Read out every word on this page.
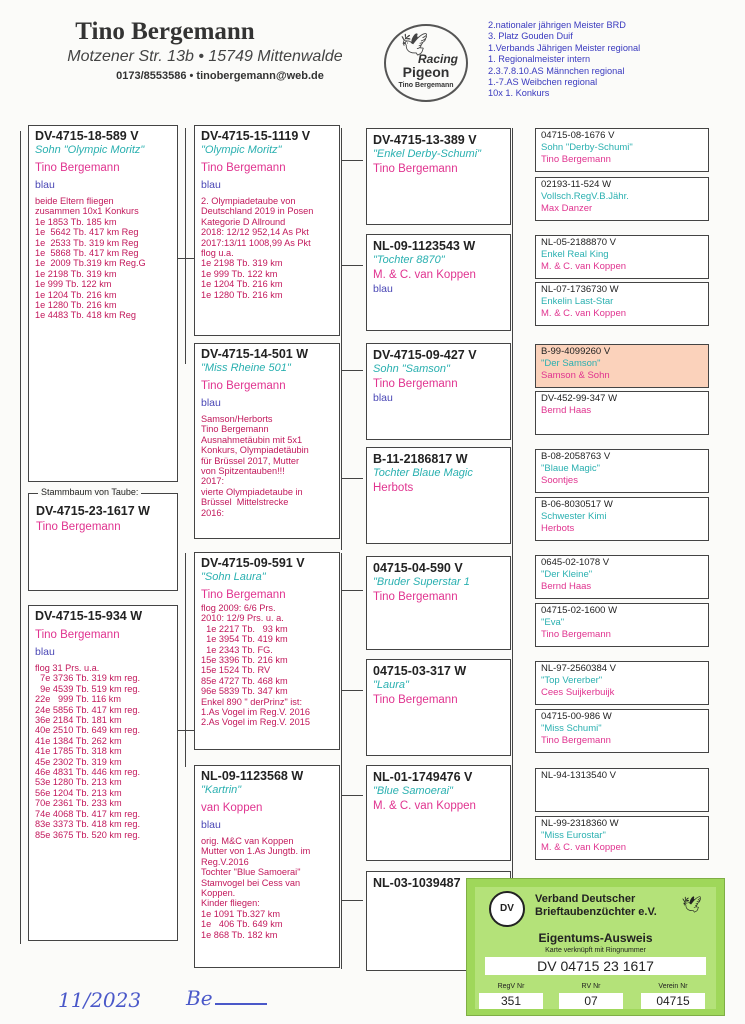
Tino Bergemann
Motzener Str. 13b • 15749 Mittenwalde
0173/8553586 • tinobergemann@web.de
🕊
Racing
Pigeon
Tino Bergemann
2.nationaler jährigen Meister BRD
3. Platz Gouden Duif
1.Verbands Jährigen Meister regional
1. Regionalmeister intern
2.3.7.8.10.AS Männchen regional
1.-7.AS Weibchen regional
10x 1. Konkurs
DV-4715-18-589 V
Sohn "Olympic Moritz"
Tino Bergemann
blau
beide Eltern fliegen
zusammen 10x1 Konkurs
1e 1853 Tb. 185 km
1e  5642 Tb. 417 km Reg
1e  2533 Tb. 319 km Reg
1e  5868 Tb. 417 km Reg
1e  2009 Tb.319 km Reg.G
1e 2198 Tb. 319 km
1e 999 Tb. 122 km
1e 1204 Tb. 216 km
1e 1280 Tb. 216 km
1e 4483 Tb. 418 km Reg
DV-4715-23-1617 W
Tino Bergemann
Stammbaum von Taube:
DV-4715-15-934 W
Tino Bergemann
blau
flog 31 Prs. u.a.
7e 3736 Tb. 319 km reg.
9e 4539 Tb. 519 km reg.
22e   999 Tb. 116 km
24e 5856 Tb. 417 km reg.
36e 2184 Tb. 181 km
40e 2510 Tb. 649 km reg.
41e 1384 Tb. 262 km
41e 1785 Tb. 318 km
45e 2302 Tb. 319 km
46e 4831 Tb. 446 km reg.
53e 1280 Tb. 213 km
56e 1204 Tb. 213 km
70e 2361 Tb. 233 km
74e 4068 Tb. 417 km reg.
83e 3373 Tb. 418 km reg.
85e 3675 Tb. 520 km reg.
DV-4715-15-1119 V
"Olympic Moritz"
Tino Bergemann
blau
2. Olympiadetaube von
Deutschland 2019 in Posen
Kategorie D Allround
2018: 12/12 952,14 As Pkt
2017:13/11 1008,99 As Pkt
flog u.a.
1e 2198 Tb. 319 km
1e 999 Tb. 122 km
1e 1204 Tb. 216 km
1e 1280 Tb. 216 km
DV-4715-14-501 W
"Miss Rheine 501"
Tino Bergemann
blau
Samson/Herborts
Tino Bergemann
Ausnahmetäubin mit 5x1
Konkurs, Olympiadetäubin
für Brüssel 2017, Mutter
von Spitzentauben!!!
2017:
vierte Olympiadetaube in
Brüssel  Mittelstrecke
2016:
DV-4715-09-591 V
"Sohn Laura"
Tino Bergemann
flog 2009: 6/6 Prs.
2010: 12/9 Prs. u. a.
1e 2217 Tb.   93 km
1e 3954 Tb. 419 km
1e 2343 Tb. FG.
15e 3396 Tb. 216 km
15e 1524 Tb. RV
85e 4727 Tb. 468 km
96e 5839 Tb. 347 km
Enkel 890 " derPrinz" ist:
1.As Vogel im Reg.V. 2016
2.As Vogel im Reg.V. 2015
NL-09-1123568 W
"Kartrin"
van Koppen
blau
orig. M&C van Koppen
Mutter von 1.As Jungtb. im
Reg.V.2016
Tochter "Blue Samoerai"
Stamvogel bei Cess van
Koppen.
Kinder fliegen:
1e 1091 Tb.327 km
1e   406 Tb. 649 km
1e 868 Tb. 182 km
DV-4715-13-389 V
"Enkel Derby-Schumi"
Tino Bergemann
NL-09-1123543 W
"Tochter 8870"
M. & C. van Koppen
blau
DV-4715-09-427 V
Sohn "Samson"
Tino Bergemann
blau
B-11-2186817 W
Tochter Blaue Magic
Herbots
04715-04-590 V
"Bruder Superstar 1
Tino Bergemann
04715-03-317 W
"Laura"
Tino Bergemann
NL-01-1749476 V
"Blue Samoerai"
M. & C. van Koppen
NL-03-1039487
04715-08-1676 V
Sohn "Derby-Schumi"
Tino Bergemann
02193-11-524 W
Vollsch.RegV.B.Jähr.
Max Danzer
NL-05-2188870 V
Enkel Real King
M. & C. van Koppen
NL-07-1736730 W
Enkelin Last-Star
M. & C. van Koppen
B-99-4099260 V
"Der Samson"
Samson & Sohn
DV-452-99-347 W
Bernd Haas
B-08-2058763 V
"Blaue Magic"
Soontjes
B-06-8030517 W
Schwester Kimi
Herbots
0645-02-1078 V
"Der Kleine"
Bernd Haas
04715-02-1600 W
"Eva"
Tino Bergemann
NL-97-2560384 V
"Top Vererber"
Cees Suijkerbuijk
04715-00-986 W
"Miss Schumi"
Tino Bergemann
NL-94-1313540 V
NL-99-2318360 W
"Miss Eurostar"
M. & C. van Koppen
DV
Verband Deutscher
Brieftaubenzüchter e.V. 🕊
Eigentums-Ausweis
Karte verknüpft mit Ringnummer
DV 04715 23 1617
RegV Nr	RV Nr	Verein Nr
351	07	04715
11/2023 Be
